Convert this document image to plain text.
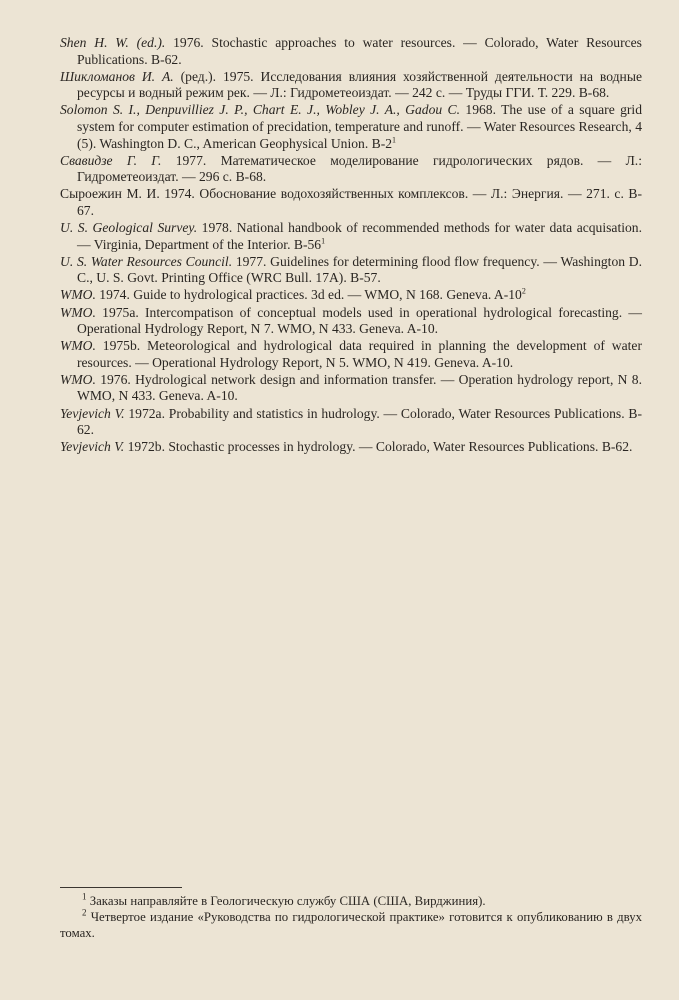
Shen H. W. (ed.). 1976. Stochastic approaches to water resources. — Colorado, Water Resources Publications. B-62.

Шикломанов И. А. (ред.). 1975. Исследования влияния хозяйственной деятельности на водные ресурсы и водный режим рек. — Л.: Гидрометеоиздат. — 242 с. — Труды ГГИ. Т. 229. B-68.

Solomon S. I., Denpuvilliez J. P., Chart E. J., Wobley J. A., Gadou C. 1968. The use of a square grid system for computer estimation of precidation, temperature and runoff. — Water Resources Research, 4 (5). Washington D. C., American Geophysical Union. $B-2^1$

Свавидзе Г. Г. 1977. Математическое моделирование гидрологических рядов. — Л.: Гидрометеоиздат. — 296 с. B-68.

Сыроежин М. И. 1974. Обоснование водохозяйственных комплексов. — Л.: Энергия. — 271. с. B-67.

U. S. Geological Survey. 1978. National handbook of recommended methods for water data acquisation. — Virginia, Department of the Interior. $B-56^1$

U. S. Water Resources Council. 1977. Guidelines for determining flood flow frequency. — Washington D. C., U. S. Govt. Printing Office (WRC Bull. 17A). B-57.

WMO. 1974. Guide to hydrological practices. 3d ed. — WMO, N 168. Geneva. $A-10^2$

WMO. 1975a. Intercompatison of conceptual models used in operational hydrological forecasting. — Operational Hydrology Report, N 7. WMO, N 433. Geneva. A-10.

WMO. 1975b. Meteorological and hydrological data required in planning the development of water resources. — Operational Hydrology Report, N 5. WMO, N 419. Geneva. A-10.

WMO. 1976. Hydrological network design and information transfer. — Operation hydrology report, N 8. WMO, N 433. Geneva. A-10.

Yevjevich V. 1972a. Probability and statistics in hudrology. — Colorado, Water Resources Publications. B-62.

Yevjevich V. 1972b. Stochastic processes in hydrology. — Colorado, Water Resources Publications. B-62.

$^1$ Заказы направляйте в Геологическую службу США (США, Вирджиния).
$^2$ Четвертое издание «Руководства по гидрологической практике» готовится к опубликованию в двух томах.
